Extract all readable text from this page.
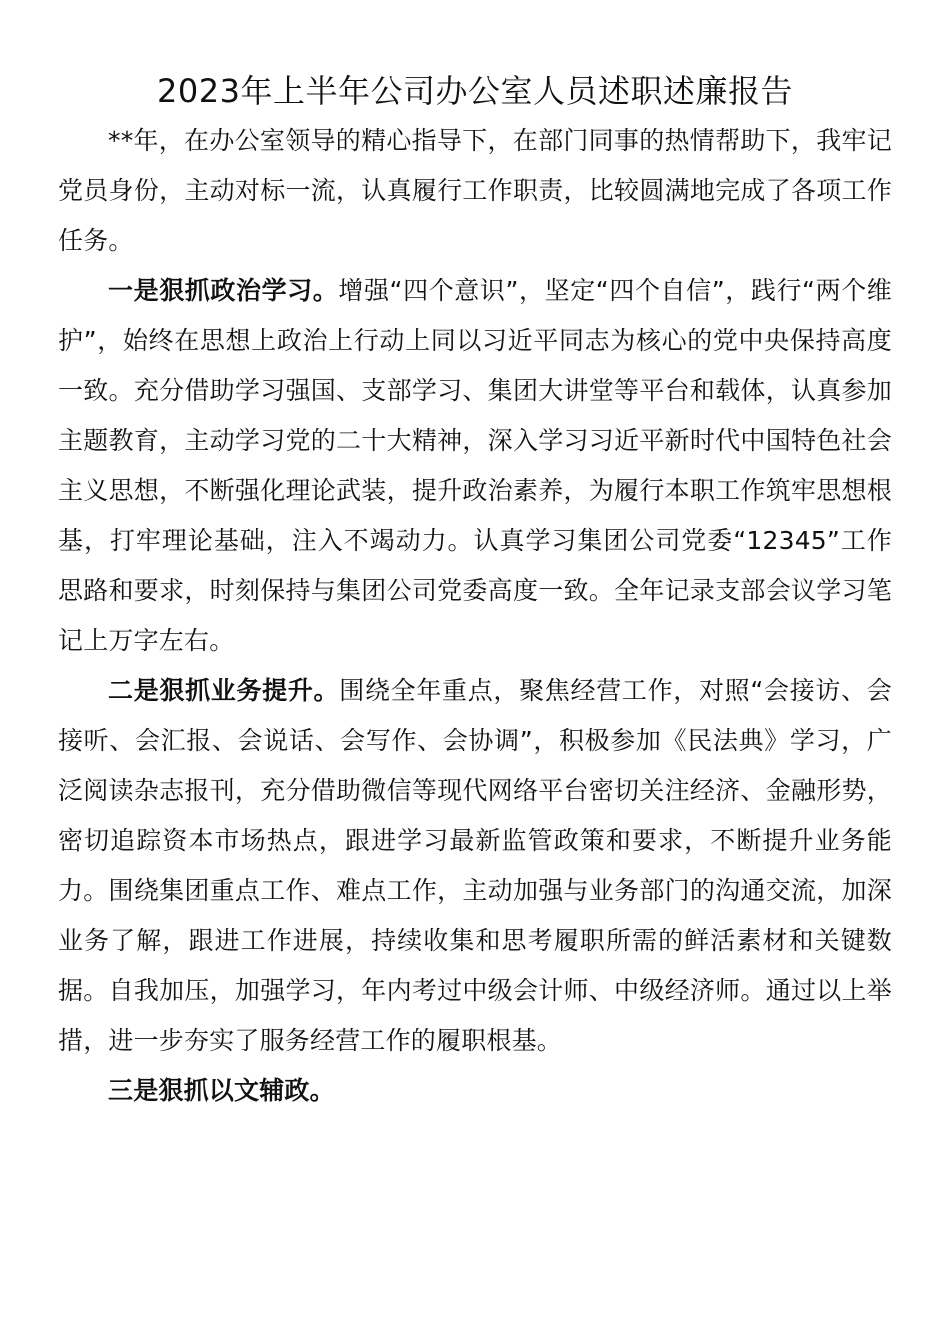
2023年上半年公司办公室人员述职述廉报告

**年，在办公室领导的精心指导下，在部门同事的热情帮助下，我牢记党员身份，主动对标一流，认真履行工作职责，比较圆满地完成了各项工作任务。

一是狠抓政治学习。增强“四个意识”，坚定“四个自信”，践行“两个维护”，始终在思想上政治上行动上同以习近平同志为核心的党中央保持高度一致。充分借助学习强国、支部学习、集团大讲堂等平台和载体，认真参加主题教育，主动学习党的二十大精神，深入学习习近平新时代中国特色社会主义思想，不断强化理论武装，提升政治素养，为履行本职工作筑牢思想根基，打牢理论基础，注入不竭动力。认真学习集团公司党委“12345”工作思路和要求，时刻保持与集团公司党委高度一致。全年记录支部会议学习笔记上万字左右。

二是狠抓业务提升。围绕全年重点，聚焦经营工作，对照“会接访、会接听、会汇报、会说话、会写作、会协调”，积极参加《民法典》学习，广泛阅读杂志报刊，充分借助微信等现代网络平台密切关注经济、金融形势，密切追踪资本市场热点，跟进学习最新监管政策和要求，不断提升业务能力。围绕集团重点工作、难点工作，主动加强与业务部门的沟通交流，加深业务了解，跟进工作进展，持续收集和思考履职所需的鲜活素材和关键数据。自我加压，加强学习，年内考过中级会计师、中级经济师。通过以上举措，进一步夯实了服务经营工作的履职根基。

三是狠抓以文辅政。
